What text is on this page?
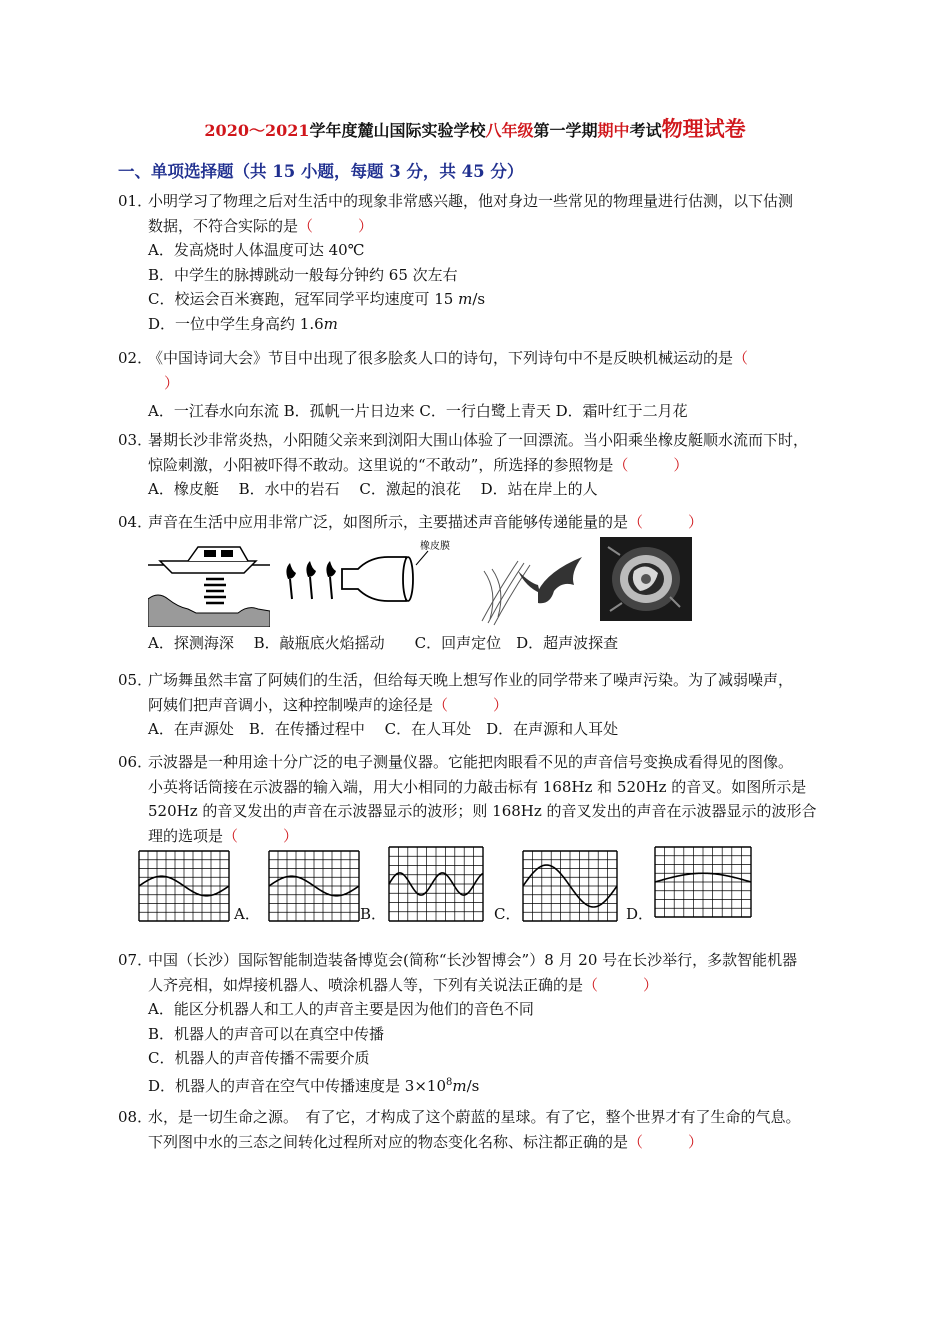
2020～2021学年度麓山国际实验学校八年级第一学期期中考试物理试卷
一、单项选择题（共 15 小题，每题 3 分，共 45 分）
01．
小明学习了物理之后对生活中的现象非常感兴趣，他对身边一些常见的物理量进行估测，以下估测
数据，不符合实际的是（　　　）
A．发高烧时人体温度可达 40℃
B．中学生的脉搏跳动一般每分钟约 65 次左右
C．校运会百米赛跑，冠军同学平均速度可 15 m/s
D．一位中学生身高约 1.6m
02．
《中国诗词大会》节目中出现了很多脍炙人口的诗句，下列诗句中不是反映机械运动的是（
）
A．一江春水向东流 B．孤帆一片日边来 C．一行白鹭上青天 D．霜叶红于二月花
03．
暑期长沙非常炎热，小阳随父亲来到浏阳大围山体验了一回漂流。当小阳乘坐橡皮艇顺水流而下时，
惊险刺激，小阳被吓得不敢动。这里说的“不敢动”，所选择的参照物是（　　　）
A．橡皮艇　 B．水中的岩石　 C．激起的浪花　 D．站在岸上的人
04．
声音在生活中应用非常广泛，如图所示，主要描述声音能够传递能量的是（　　　）
橡皮膜
A．探测海深　 B．敲瓶底火焰摇动　　C．回声定位　D．超声波探查
05．
广场舞虽然丰富了阿姨们的生活，但给每天晚上想写作业的同学带来了噪声污染。为了减弱噪声，
阿姨们把声音调小，这种控制噪声的途径是（　　　）
A．在声源处　B．在传播过程中　 C．在人耳处　D．在声源和人耳处
06．
示波器是一种用途十分广泛的电子测量仪器。它能把肉眼看不见的声音信号变换成看得见的图像。
小英将话筒接在示波器的输入端，用大小相同的力敲击标有 168Hz 和 520Hz 的音叉。如图所示是
520Hz 的音叉发出的声音在示波器显示的波形；则 168Hz 的音叉发出的声音在示波器显示的波形合
理的选项是（　　　）
A．	B．	C．	D．
07．
中国（长沙）国际智能制造装备博览会(简称“长沙智博会”）8 月 20 号在长沙举行，多款智能机器
人齐亮相，如焊接机器人、喷涂机器人等，下列有关说法正确的是（　　　）
A．能区分机器人和工人的声音主要是因为他们的音色不同
B．机器人的声音可以在真空中传播
C．机器人的声音传播不需要介质
D．机器人的声音在空气中传播速度是 $3\times 10^8m/s$
08．
水，是一切生命之源。　有了它，才构成了这个蔚蓝的星球。有了它，整个世界才有了生命的气息。
下列图中水的三态之间转化过程所对应的物态变化名称、标注都正确的是（　　　）
